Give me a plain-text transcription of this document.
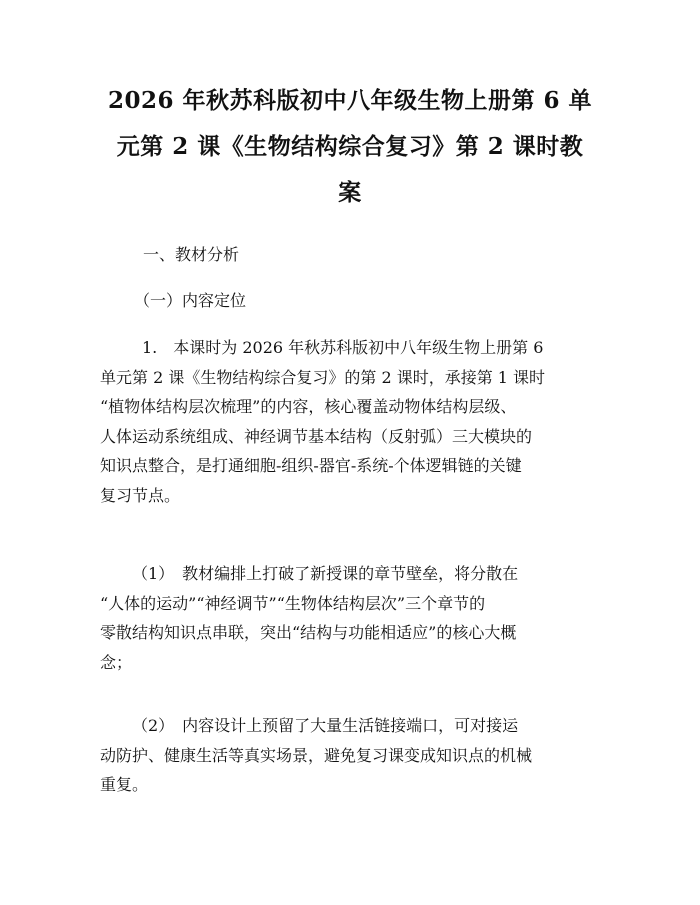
2026 年秋苏科版初中八年级生物上册第 6 单
元第 2 课《生物结构综合复习》第 2 课时教
案
一、教材分析
（一）内容定位
1.　本课时为 2026 年秋苏科版初中八年级生物上册第 6
单元第 2 课《生物结构综合复习》的第 2 课时，承接第 1 课时
“植物体结构层次梳理”的内容，核心覆盖动物体结构层级、
人体运动系统组成、神经调节基本结构（反射弧）三大模块的
知识点整合，是打通细胞-组织-器官-系统-个体逻辑链的关键
复习节点。
（1）　教材编排上打破了新授课的章节壁垒，将分散在
“人体的运动”“神经调节”“生物体结构层次”三个章节的
零散结构知识点串联，突出“结构与功能相适应”的核心大概
念；
（2）　内容设计上预留了大量生活链接端口，可对接运
动防护、健康生活等真实场景，避免复习课变成知识点的机械
重复。
